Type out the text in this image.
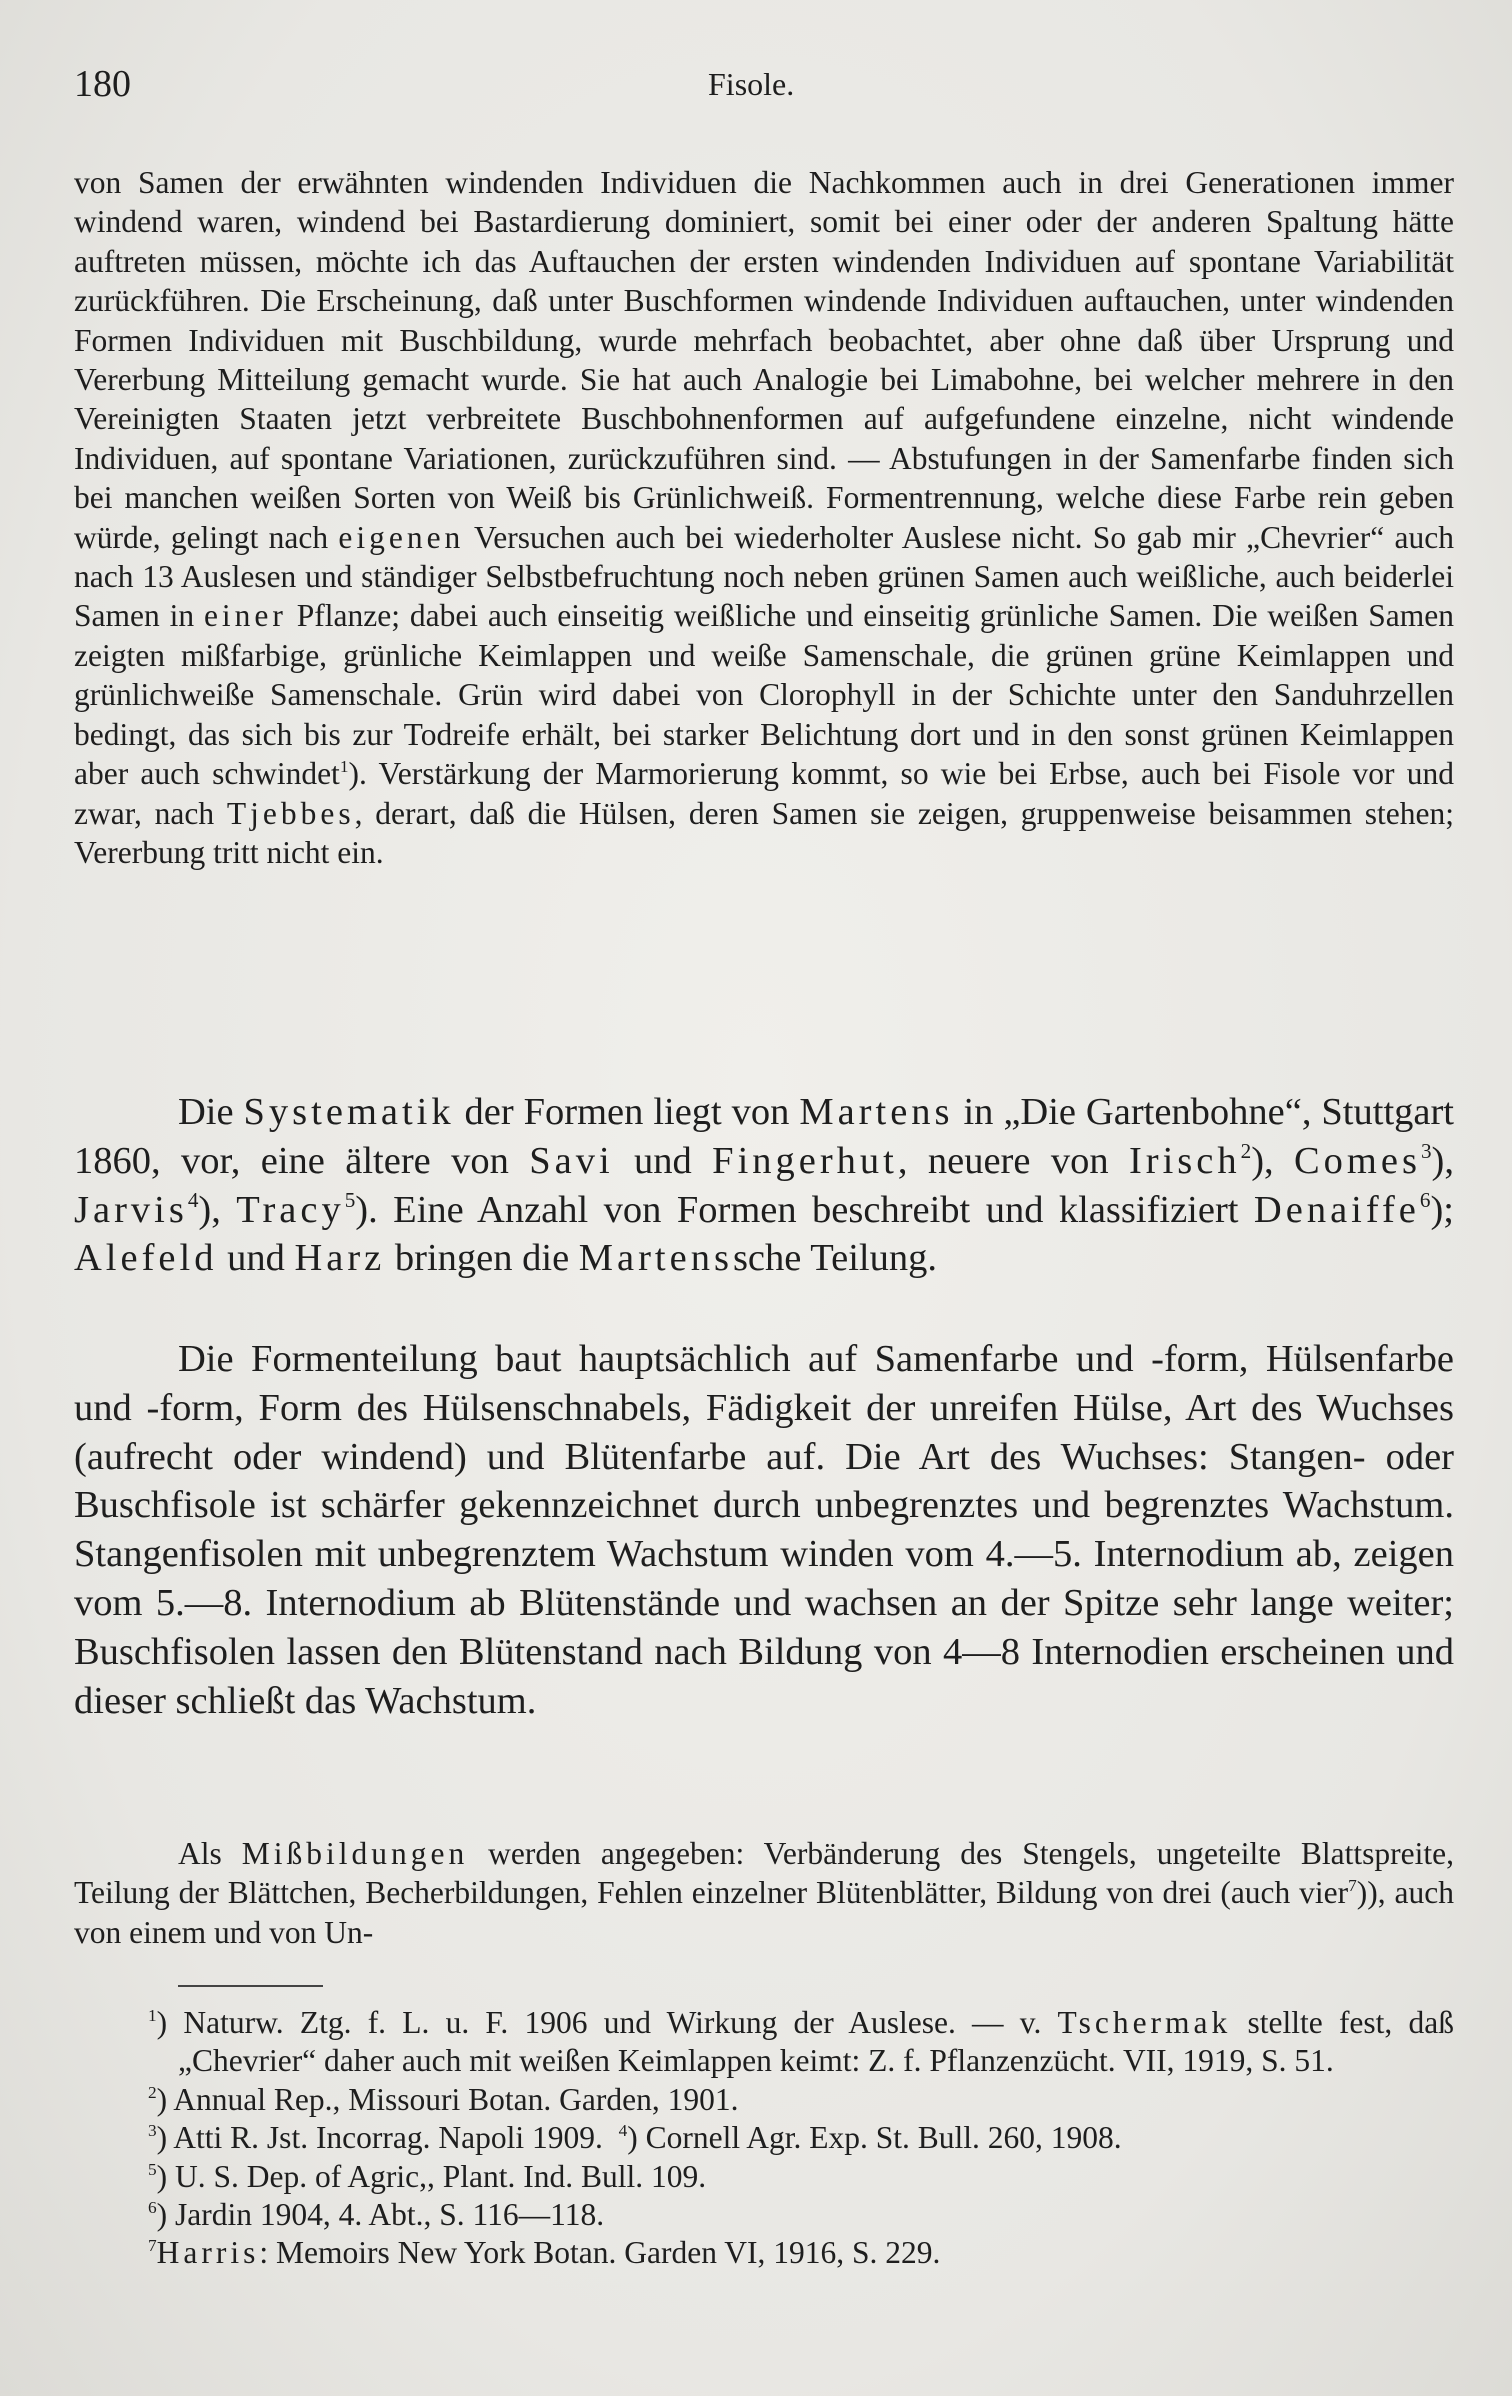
180	Fisole.
von Samen der erwähnten windenden Individuen die Nachkommen auch in drei Generationen immer windend waren, windend bei Bastardierung dominiert, somit bei einer oder der anderen Spaltung hätte auftreten müssen, möchte ich das Auftauchen der ersten windenden Individuen auf spontane Variabilität zurückführen. Die Erscheinung, daß unter Buschformen windende Individuen auftauchen, unter windenden Formen Individuen mit Buschbildung, wurde mehrfach beobachtet, aber ohne daß über Ursprung und Vererbung Mitteilung gemacht wurde. Sie hat auch Analogie bei Limabohne, bei welcher mehrere in den Vereinigten Staaten jetzt verbreitete Buschbohnenformen auf aufgefundene einzelne, nicht windende Individuen, auf spontane Variationen, zurückzuführen sind. — Abstufungen in der Samenfarbe finden sich bei manchen weißen Sorten von Weiß bis Grünlichweiß. Formentrennung, welche diese Farbe rein geben würde, gelingt nach eigenen Versuchen auch bei wiederholter Auslese nicht. So gab mir „Chevrier“ auch nach 13 Auslesen und ständiger Selbstbefruchtung noch neben grünen Samen auch weißliche, auch beiderlei Samen in einer Pflanze; dabei auch einseitig weißliche und einseitig grünliche Samen. Die weißen Samen zeigten mißfarbige, grünliche Keimlappen und weiße Samenschale, die grünen grüne Keimlappen und grünlichweiße Samenschale. Grün wird dabei von Clorophyll in der Schichte unter den Sanduhrzellen bedingt, das sich bis zur Todreife erhält, bei starker Belichtung dort und in den sonst grünen Keimlappen aber auch schwindet$^1$). Verstärkung der Marmorierung kommt, so wie bei Erbse, auch bei Fisole vor und zwar, nach Tjebbes, derart, daß die Hülsen, deren Samen sie zeigen, gruppenweise beisammen stehen; Vererbung tritt nicht ein.
Die Systematik der Formen liegt von Martens in „Die Gartenbohne“, Stuttgart 1860, vor, eine ältere von Savi und Fingerhut, neuere von Irisch$^2$), Comes$^3$), Jarvis$^4$), Tracy$^5$). Eine Anzahl von Formen beschreibt und klassifiziert Denaiffe$^6$); Alefeld und Harz bringen die Martenssche Teilung.
Die Formenteilung baut hauptsächlich auf Samenfarbe und -form, Hülsenfarbe und -form, Form des Hülsenschnabels, Fädigkeit der unreifen Hülse, Art des Wuchses (aufrecht oder windend) und Blütenfarbe auf. Die Art des Wuchses: Stangen- oder Buschfisole ist schärfer gekennzeichnet durch unbegrenztes und begrenztes Wachstum. Stangenfisolen mit unbegrenztem Wachstum winden vom 4.—5. Internodium ab, zeigen vom 5.—8. Internodium ab Blütenstände und wachsen an der Spitze sehr lange weiter; Buschfisolen lassen den Blütenstand nach Bildung von 4—8 Internodien erscheinen und dieser schließt das Wachstum.
Als Mißbildungen werden angegeben: Verbänderung des Stengels, ungeteilte Blattspreite, Teilung der Blättchen, Becherbildungen, Fehlen einzelner Blütenblätter, Bildung von drei (auch vier$^7$)), auch von einem und von Un-
$^1$) Naturw. Ztg. f. L. u. F. 1906 und Wirkung der Auslese. — v. Tschermak stellte fest, daß „Chevrier“ daher auch mit weißen Keimlappen keimt: Z. f. Pflanzenzücht. VII, 1919, S. 51.
$^2$) Annual Rep., Missouri Botan. Garden, 1901.
$^3$) Atti R. Jst. Incorrag. Napoli 1909. $^4$) Cornell Agr. Exp. St. Bull. 260, 1908.
$^5$) U. S. Dep. of Agric,, Plant. Ind. Bull. 109.
$^6$) Jardin 1904, 4. Abt., S. 116—118.
$^7$Harris: Memoirs New York Botan. Garden VI, 1916, S. 229.
